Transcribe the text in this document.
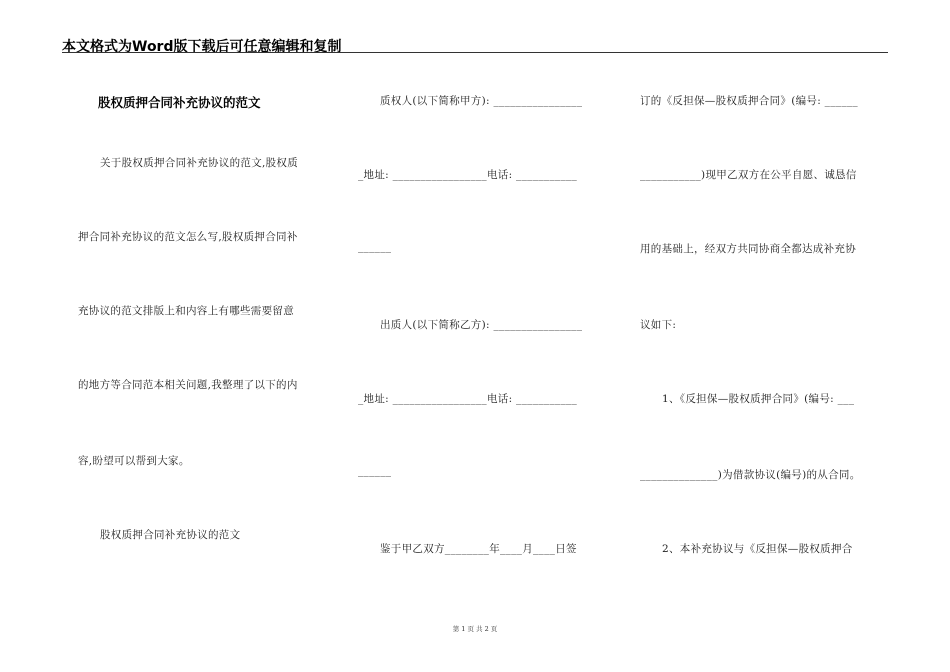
本文格式为Word版下载后可任意编辑和复制
股权质押合同补充协议的范文
关于股权质押合同补充协议的范文,股权质
押合同补充协议的范文怎么写,股权质押合同补
充协议的范文排版上和内容上有哪些需要留意
的地方等合同范本相关问题,我整理了以下的内
容,盼望可以帮到大家。
股权质押合同补充协议的范文
质权人(以下简称甲方): ________________
_地址: _________________电话: ___________
______
出质人(以下简称乙方): ________________
_地址: _________________电话: ___________
______
鉴于甲乙双方________年____月____日签
订的《反担保—股权质押合同》(编号: ______
___________)现甲乙双方在公平自愿、诚恳信
用的基础上，经双方共同协商全都达成补充协
议如下:
1、《反担保—股权质押合同》(编号: ___
______________)为借款协议(编号)的从合同。
2、本补充协议与《反担保—股权质押合
第 1 页 共 2 页
